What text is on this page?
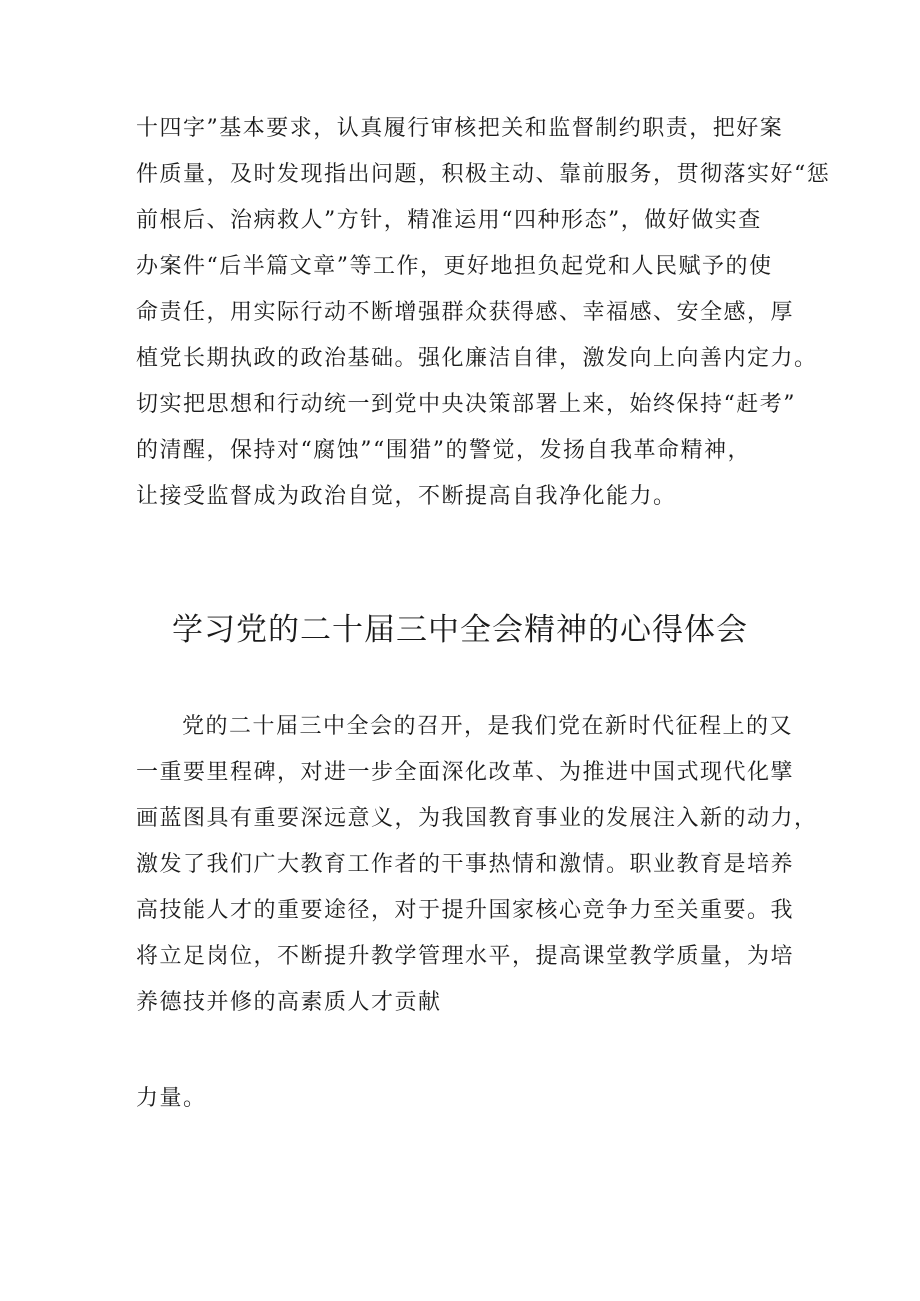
十四字”基本要求，认真履行审核把关和监督制约职责，把好案
件质量，及时发现指出问题，积极主动、靠前服务，贯彻落实好“惩
前根后、治病救人”方针，精准运用“四种形态”，做好做实查
办案件“后半篇文章”等工作，更好地担负起党和人民赋予的使
命责任，用实际行动不断增强群众获得感、幸福感、安全感，厚
植党长期执政的政治基础。强化廉洁自律，激发向上向善内定力。
切实把思想和行动统一到党中央决策部署上来，始终保持“赶考”
的清醒，保持对“腐蚀”“围猎”的警觉，发扬自我革命精神，
让接受监督成为政治自觉，不断提高自我净化能力。
学习党的二十届三中全会精神的心得体会
党的二十届三中全会的召开，是我们党在新时代征程上的又
一重要里程碑，对进一步全面深化改革、为推进中国式现代化擘
画蓝图具有重要深远意义，为我国教育事业的发展注入新的动力，
激发了我们广大教育工作者的干事热情和激情。职业教育是培养
高技能人才的重要途径，对于提升国家核心竞争力至关重要。我
将立足岗位，不断提升教学管理水平，提高课堂教学质量，为培
养德技并修的高素质人才贡献
力量。
